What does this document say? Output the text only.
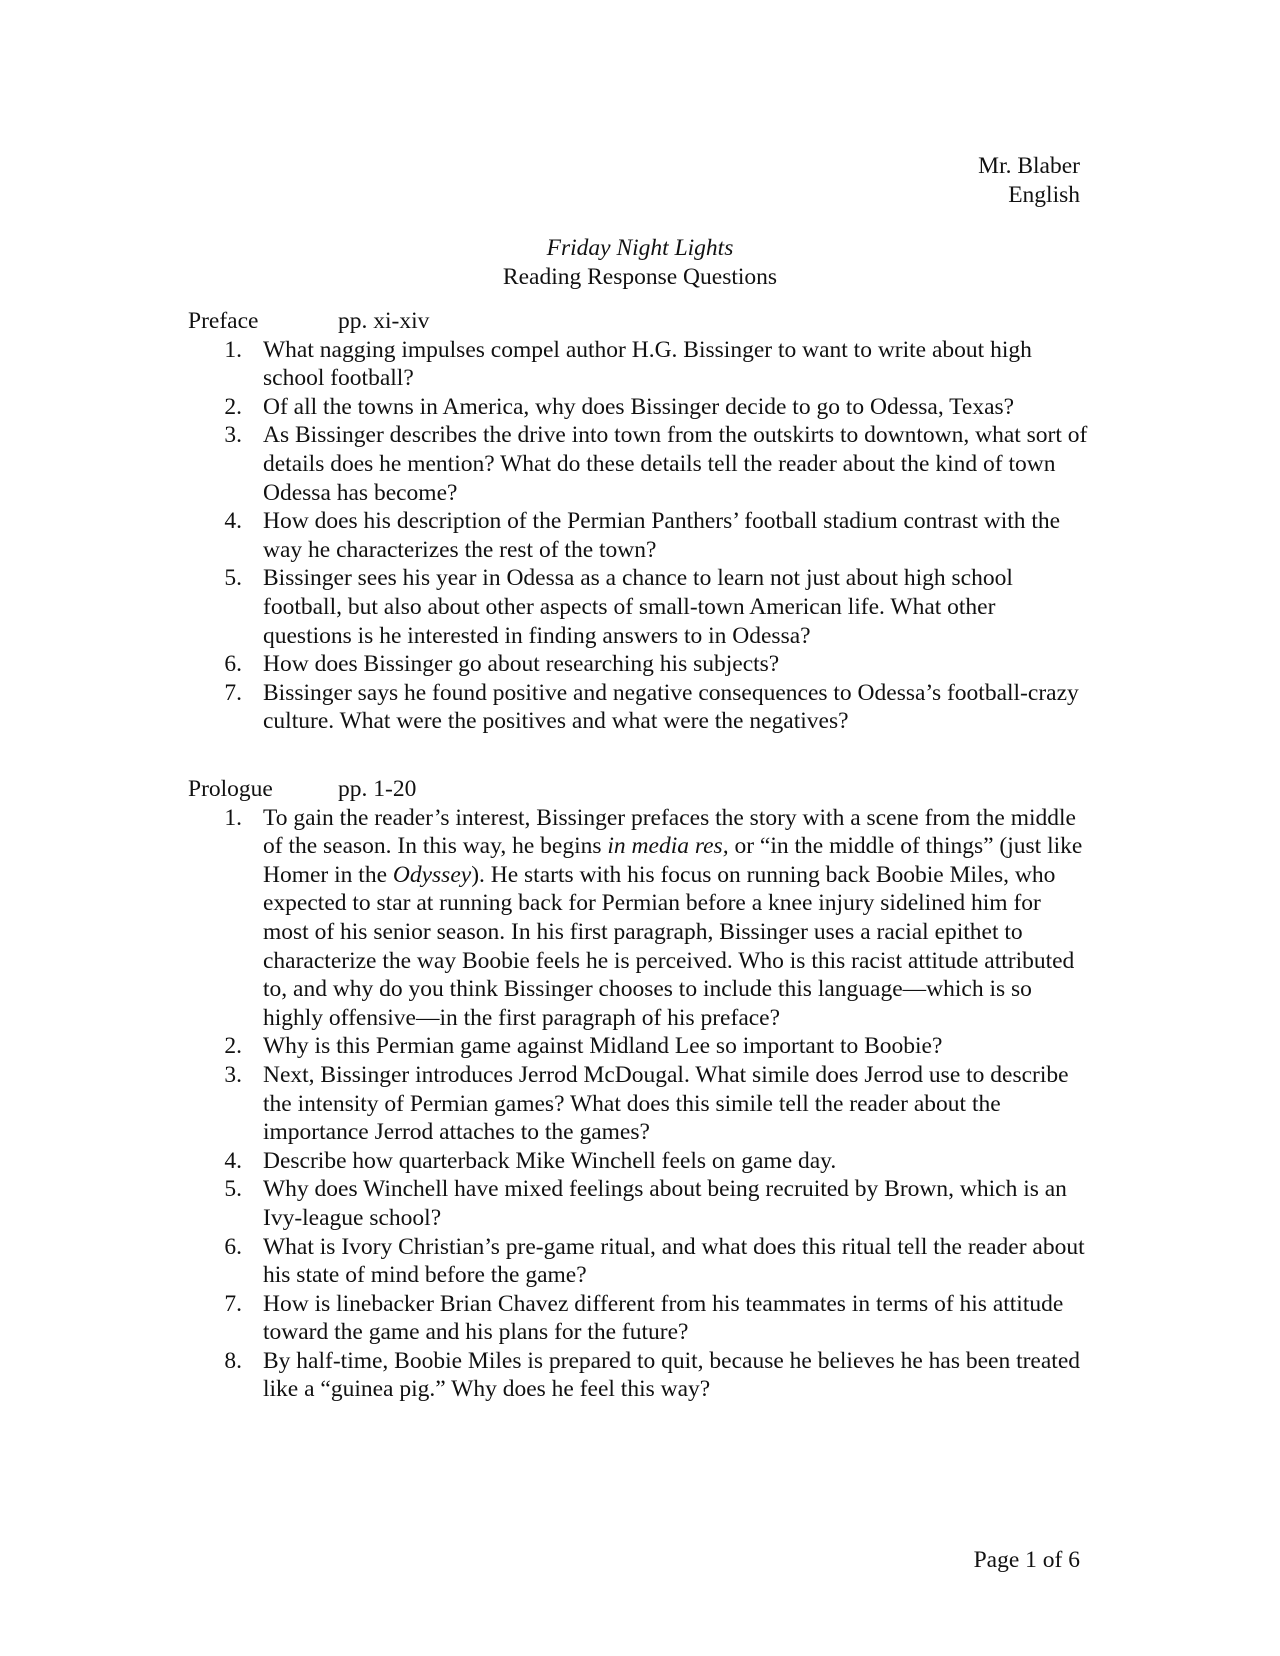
Mr. Blaber
English
Friday Night Lights
Reading Response Questions
Preface	pp. xi-xiv
1. What nagging impulses compel author H.G. Bissinger to want to write about high school football?
2. Of all the towns in America, why does Bissinger decide to go to Odessa, Texas?
3. As Bissinger describes the drive into town from the outskirts to downtown, what sort of details does he mention? What do these details tell the reader about the kind of town Odessa has become?
4. How does his description of the Permian Panthers’ football stadium contrast with the way he characterizes the rest of the town?
5. Bissinger sees his year in Odessa as a chance to learn not just about high school football, but also about other aspects of small-town American life. What other questions is he interested in finding answers to in Odessa?
6. How does Bissinger go about researching his subjects?
7. Bissinger says he found positive and negative consequences to Odessa’s football-crazy culture. What were the positives and what were the negatives?
Prologue	pp. 1-20
1. To gain the reader’s interest, Bissinger prefaces the story with a scene from the middle of the season. In this way, he begins in media res, or “in the middle of things” (just like Homer in the Odyssey). He starts with his focus on running back Boobie Miles, who expected to star at running back for Permian before a knee injury sidelined him for most of his senior season. In his first paragraph, Bissinger uses a racial epithet to characterize the way Boobie feels he is perceived. Who is this racist attitude attributed to, and why do you think Bissinger chooses to include this language—which is so highly offensive—in the first paragraph of his preface?
2. Why is this Permian game against Midland Lee so important to Boobie?
3. Next, Bissinger introduces Jerrod McDougal. What simile does Jerrod use to describe the intensity of Permian games? What does this simile tell the reader about the importance Jerrod attaches to the games?
4. Describe how quarterback Mike Winchell feels on game day.
5. Why does Winchell have mixed feelings about being recruited by Brown, which is an Ivy-league school?
6. What is Ivory Christian’s pre-game ritual, and what does this ritual tell the reader about his state of mind before the game?
7. How is linebacker Brian Chavez different from his teammates in terms of his attitude toward the game and his plans for the future?
8. By half-time, Boobie Miles is prepared to quit, because he believes he has been treated like a “guinea pig.” Why does he feel this way?
Page 1 of 6
